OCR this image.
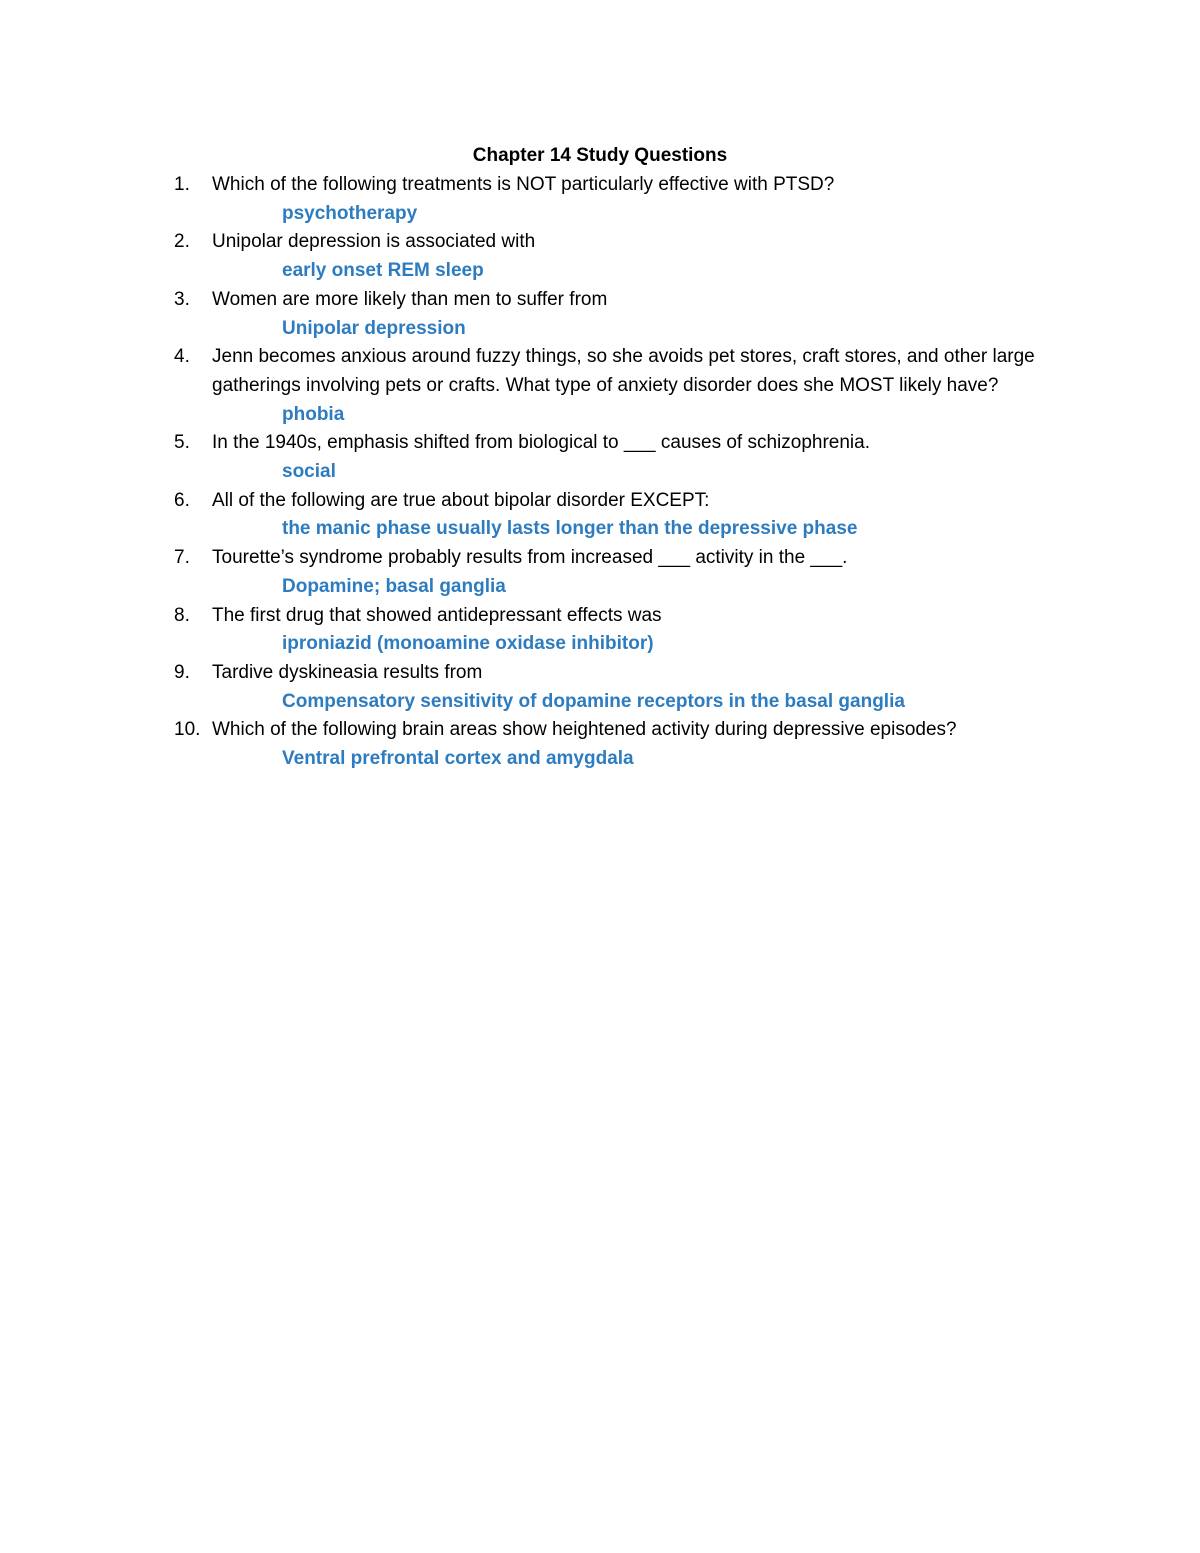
Chapter 14 Study Questions
1.	Which of the following treatments is NOT particularly effective with PTSD?
psychotherapy
2.	Unipolar depression is associated with
early onset REM sleep
3.	Women are more likely than men to suffer from
Unipolar depression
4.	Jenn becomes anxious around fuzzy things, so she avoids pet stores, craft stores, and other large gatherings involving pets or crafts. What type of anxiety disorder does she MOST likely have?
phobia
5.	In the 1940s, emphasis shifted from biological to ___ causes of schizophrenia.
social
6.	All of the following are true about bipolar disorder EXCEPT:
the manic phase usually lasts longer than the depressive phase
7.	Tourette’s syndrome probably results from increased ___ activity in the ___.
Dopamine; basal ganglia
8.	The first drug that showed antidepressant effects was
iproniazid (monoamine oxidase inhibitor)
9.	Tardive dyskineasia results from
Compensatory sensitivity of dopamine receptors in the basal ganglia
10. Which of the following brain areas show heightened activity during depressive episodes?
Ventral prefrontal cortex and amygdala
